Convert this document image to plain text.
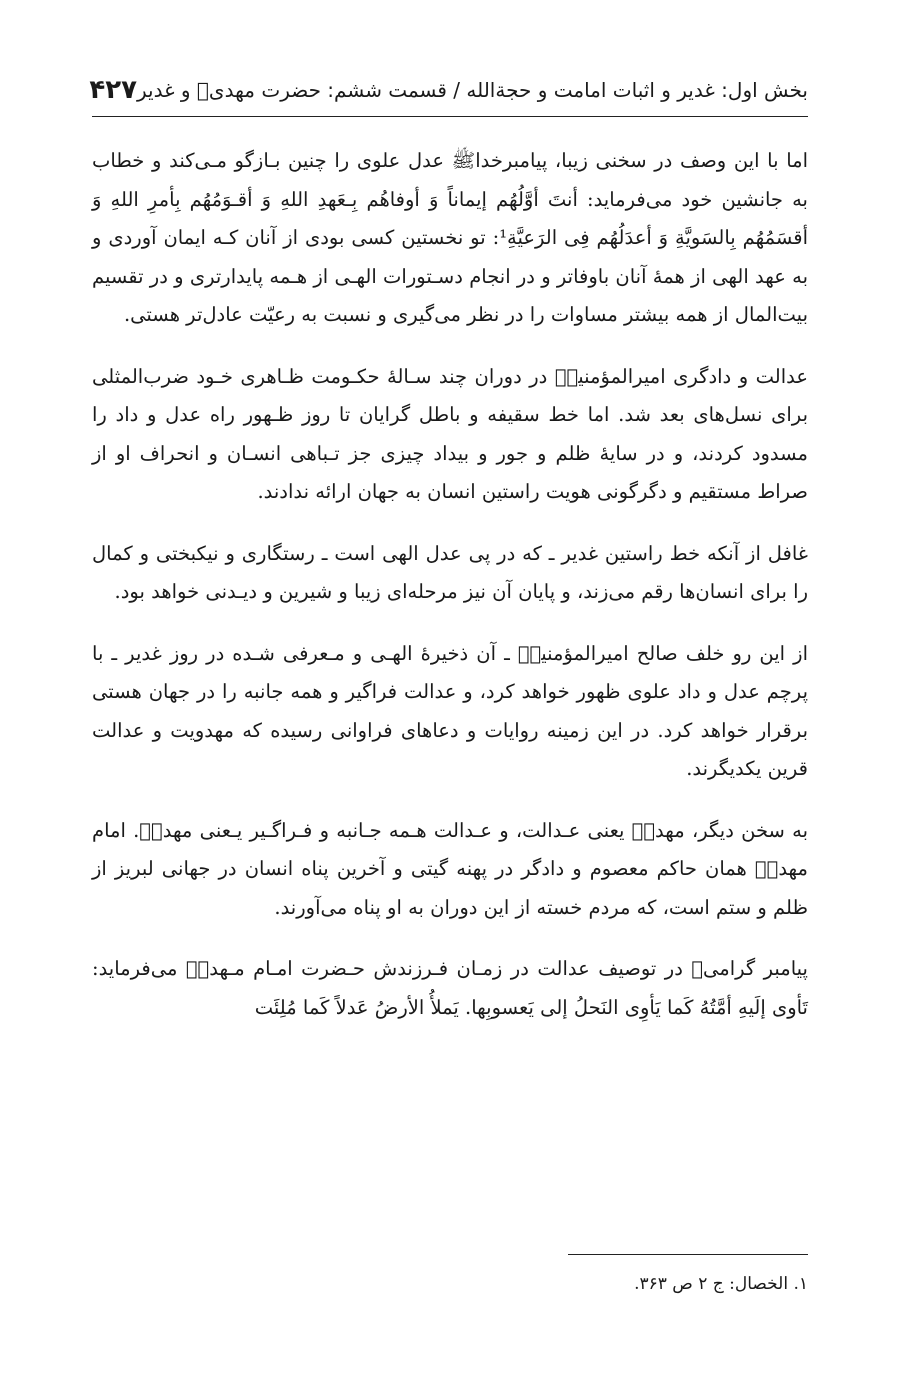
بخش اول: غدیر و اثبات امامت و حجةالله / قسمت ششم: حضرت مهدیؑ و غدیر
۴۲۷

اما با این وصف در سخنی زیبا، پیامبرخداﷺ عدل علوی را چنین بـازگو مـی‌کند و خطاب به جانشین خود می‌فرماید: أنتَ أوَّلُهُم إیماناً وَ أوفاهُم بِـعَهدِ اللهِ وَ أقـوَمُهُم بِأمرِ اللهِ وَ أقسَمُهُم بِالسَویَّةِ وَ أعدَلُهُم فِی الرَعیَّةِ¹: تو نخستین کسی بودی از آنان کـه ایمان آوردی و به عهد الهی از همهٔ آنان باوفاتر و در انجام دسـتورات الهـی از هـمه پایدارتری و در تقسیم بیت‌المال از همه بیشتر مساوات را در نظر می‌گیری و نسبت به رعیّت عادل‌تر هستی.

عدالت و دادگری امیرالمؤمنینؑ در دوران چند سـالهٔ حکـومت ظـاهری خـود ضرب‌المثلی برای نسل‌های بعد شد. اما خط سقیفه و باطل گرایان تا روز ظـهور راه عدل و داد را مسدود کردند، و در سایهٔ ظلم و جور و بیداد چیزی جز تـباهی انسـان و انحراف او از صراط مستقیم و دگرگونی هویت راستین انسان به جهان ارائه ندادند.

غافل از آنکه خط راستین غدیر ـ که در پی عدل الهی است ـ رستگاری و نیکبختی و کمال را برای انسان‌ها رقم می‌زند، و پایان آن نیز مرحله‌ای زیبا و شیرین و دیـدنی خواهد بود.

از این رو خلف صالح امیرالمؤمنینؑ ـ آن ذخیرهٔ الهـی و مـعرفی شـده در روز غدیر ـ با پرچم عدل و داد علوی ظهور خواهد کرد، و عدالت فراگیر و همه جانبه را در جهان هستی برقرار خواهد کرد. در این زمینه روایات و دعاهای فراوانی رسیده که مهدویت و عدالت قرین یکدیگرند.

به سخن دیگر، مهدیؑ یعنی عـدالت، و عـدالت هـمه جـانبه و فـراگـیر یـعنی مهدیؑ. امام مهدیؑ همان حاکم معصوم و دادگر در پهنه گیتی و آخرین پناه انسان در جهانی لبریز از ظلم و ستم است، که مردم خسته از این دوران به او پناه می‌آورند.

پیامبر گرامیﷺ در توصیف عدالت در زمـان فـرزندش حـضرت امـام مـهدیؑ می‌فرماید: تَأوی إلَیهِ أمَّتُهُ کَما یَأوِی النَحلُ إلی یَعسوبِها. یَملأُ الأرضُ عَدلاً کَما مُلِئَت

۱. الخصال: ج ۲ ص ۳۶۳.
